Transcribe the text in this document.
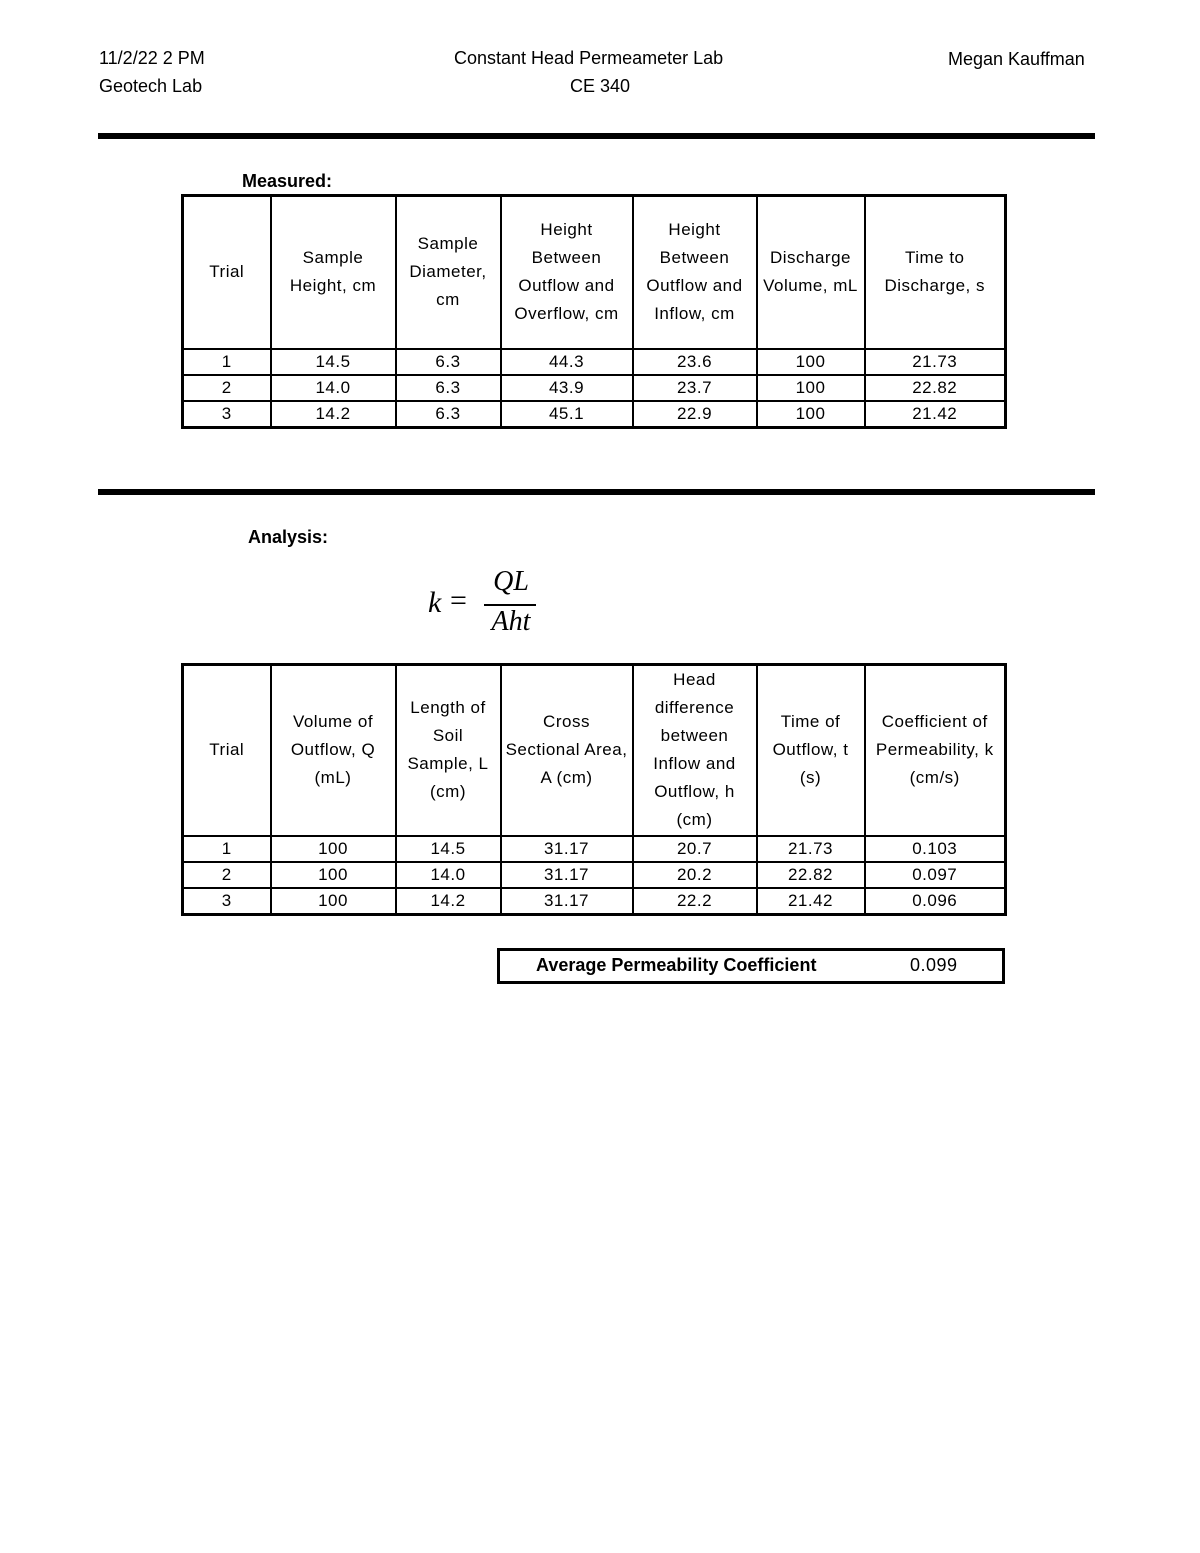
11/2/22 2 PM
Geotech Lab
Constant Head Permeameter Lab
CE 340
Megan Kauffman
Measured:
Trial	Sample Height, cm	Sample Diameter, cm	Height Between Outflow and Overflow, cm	Height Between Outflow and Inflow, cm	Discharge Volume, mL	Time to Discharge, s
1	14.5	6.3	44.3	23.6	100	21.73
2	14.0	6.3	43.9	23.7	100	22.82
3	14.2	6.3	45.1	22.9	100	21.42
Analysis:
k =
QL
Aht
Trial	Volume of Outflow, Q (mL)	Length of Soil Sample, L (cm)	Cross Sectional Area, A (cm)	Head difference between Inflow and Outflow, h (cm)	Time of Outflow, t (s)	Coefficient of Permeability, k (cm/s)
1	100	14.5	31.17	20.7	21.73	0.103
2	100	14.0	31.17	20.2	22.82	0.097
3	100	14.2	31.17	22.2	21.42	0.096
Average Permeability Coefficient	0.099
